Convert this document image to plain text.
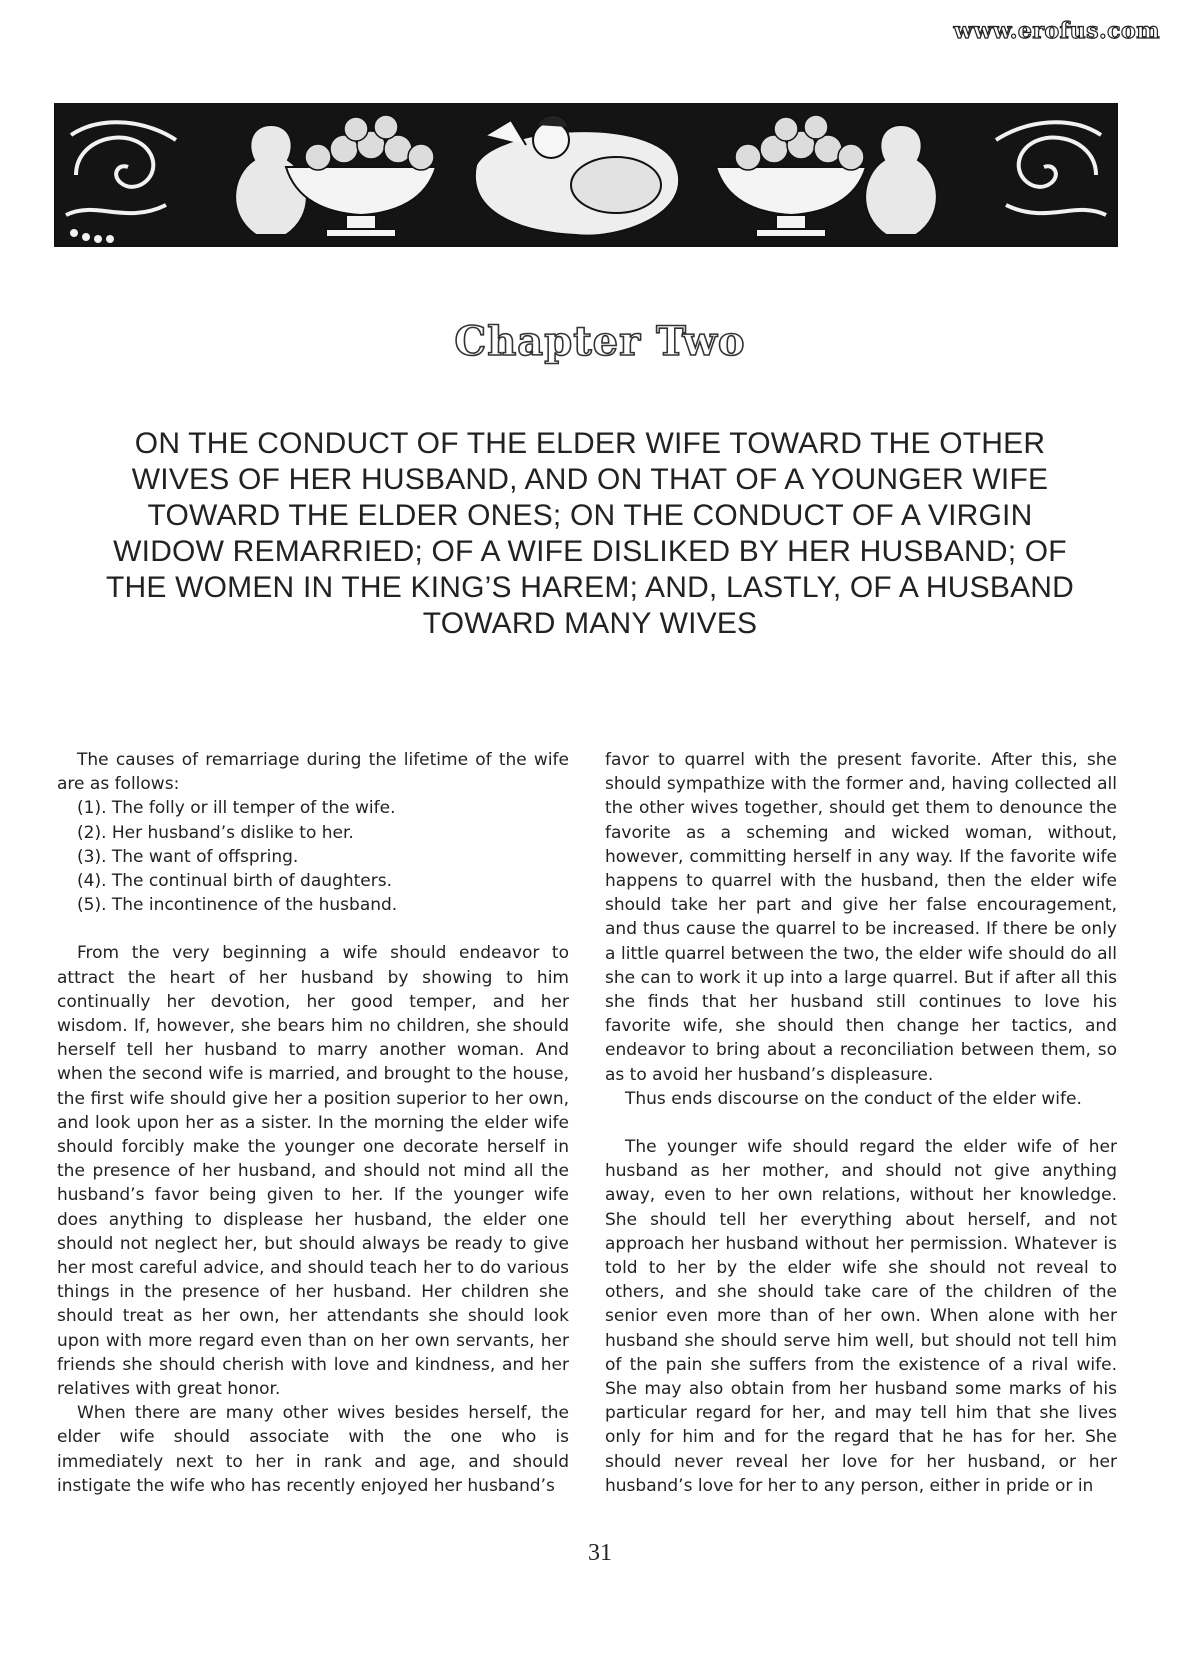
www.erofus.com
Chapter Two
ON THE CONDUCT OF THE ELDER WIFE TOWARD THE OTHER WIVES OF HER HUSBAND, AND ON THAT OF A YOUNGER WIFE TOWARD THE ELDER ONES; ON THE CONDUCT OF A VIRGIN WIDOW REMARRIED; OF A WIFE DISLIKED BY HER HUSBAND; OF THE WOMEN IN THE KING’S HAREM; AND, LASTLY, OF A HUSBAND TOWARD MANY WIVES

The causes of remarriage during the lifetime of the wife are as follows:

(1). The folly or ill temper of the wife.
(2). Her husband’s dislike to her.
(3). The want of offspring.
(4). The continual birth of daughters.
(5). The incontinence of the husband.

From the very beginning a wife should endeavor to attract the heart of her husband by showing to him continually her devotion, her good temper, and her wisdom. If, however, she bears him no children, she should herself tell her husband to marry another woman. And when the second wife is married, and brought to the house, the first wife should give her a position superior to her own, and look upon her as a sister. In the morning the elder wife should forcibly make the younger one decorate herself in the presence of her husband, and should not mind all the husband’s favor being given to her. If the younger wife does anything to displease her husband, the elder one should not neglect her, but should always be ready to give her most careful advice, and should teach her to do various things in the presence of her husband. Her children she should treat as her own, her attendants she should look upon with more regard even than on her own servants, her friends she should cherish with love and kindness, and her relatives with great honor.

When there are many other wives besides herself, the elder wife should associate with the one who is immediately next to her in rank and age, and should instigate the wife who has recently enjoyed her husband’s

favor to quarrel with the present favorite. After this, she should sympathize with the former and, having collected all the other wives together, should get them to denounce the favorite as a scheming and wicked woman, without, however, committing herself in any way. If the favorite wife happens to quarrel with the husband, then the elder wife should take her part and give her false encouragement, and thus cause the quarrel to be increased. If there be only a little quarrel between the two, the elder wife should do all she can to work it up into a large quarrel. But if after all this she finds that her husband still continues to love his favorite wife, she should then change her tactics, and endeavor to bring about a reconciliation between them, so as to avoid her husband’s displeasure.

Thus ends discourse on the conduct of the elder wife.

The younger wife should regard the elder wife of her husband as her mother, and should not give anything away, even to her own relations, without her knowledge. She should tell her everything about herself, and not approach her husband without her permission. Whatever is told to her by the elder wife she should not reveal to others, and she should take care of the children of the senior even more than of her own. When alone with her husband she should serve him well, but should not tell him of the pain she suffers from the existence of a rival wife. She may also obtain from her husband some marks of his particular regard for her, and may tell him that she lives only for him and for the regard that he has for her. She should never reveal her love for her husband, or her husband’s love for her to any person, either in pride or in

31
